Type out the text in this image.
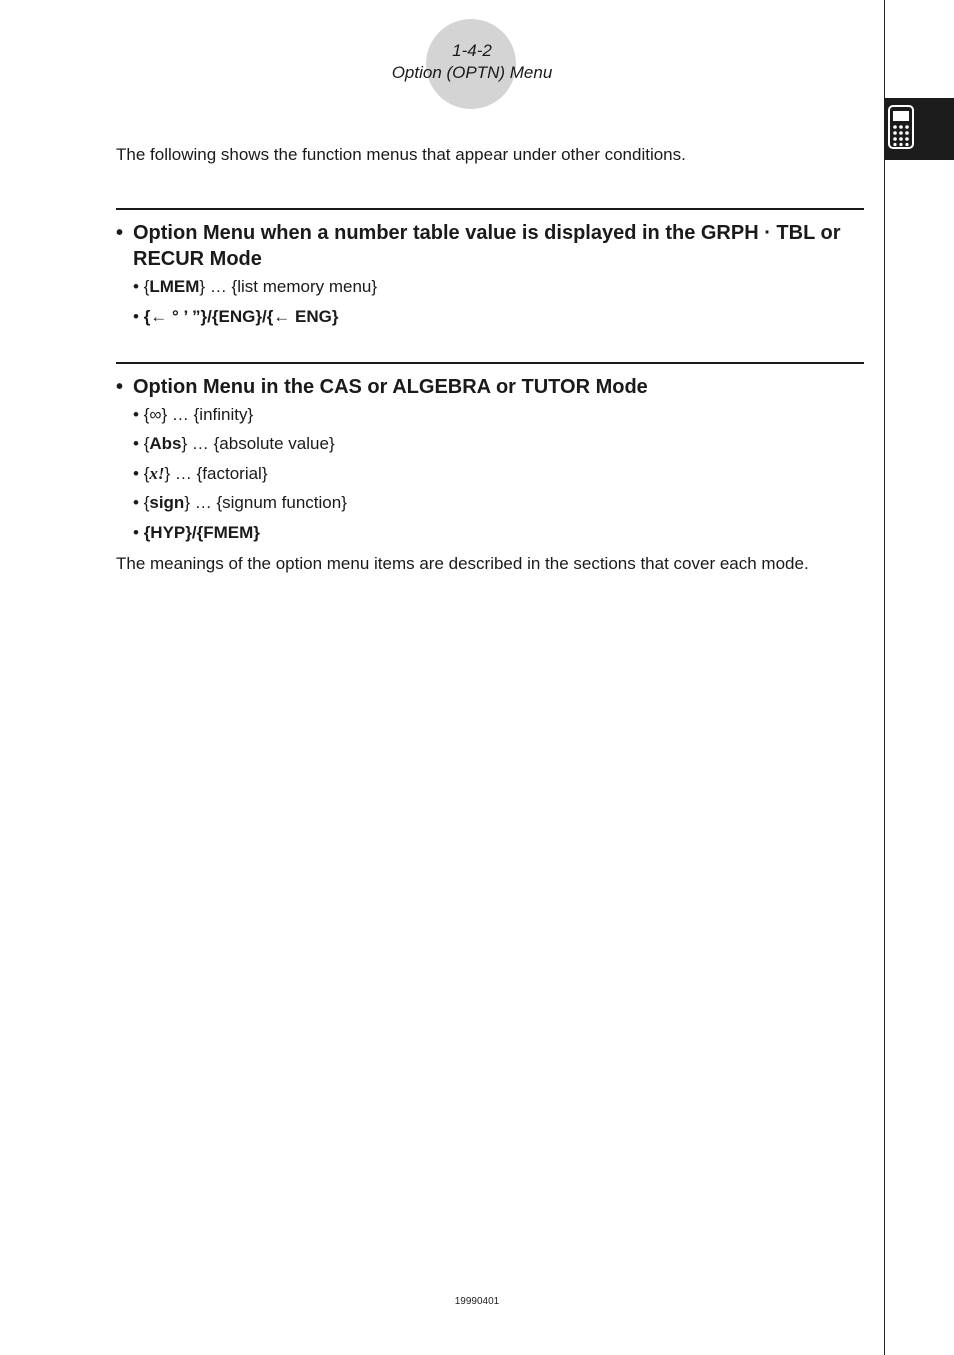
1-4-2
Option (OPTN) Menu

The following shows the function menus that appear under other conditions.

• Option Menu when a number table value is displayed in the GRPH · TBL or RECUR Mode
• {LMEM} … {list memory menu}
• {← ° ’ ”}/{ENG}/{← ENG}
• Option Menu in the CAS or ALGEBRA or TUTOR Mode
• {∞} … {infinity}
• {Abs} … {absolute value}
• {x!} … {factorial}
• {sign} … {signum function}
• {HYP}/{FMEM}

The meanings of the option menu items are described in the sections that cover each mode.

19990401
